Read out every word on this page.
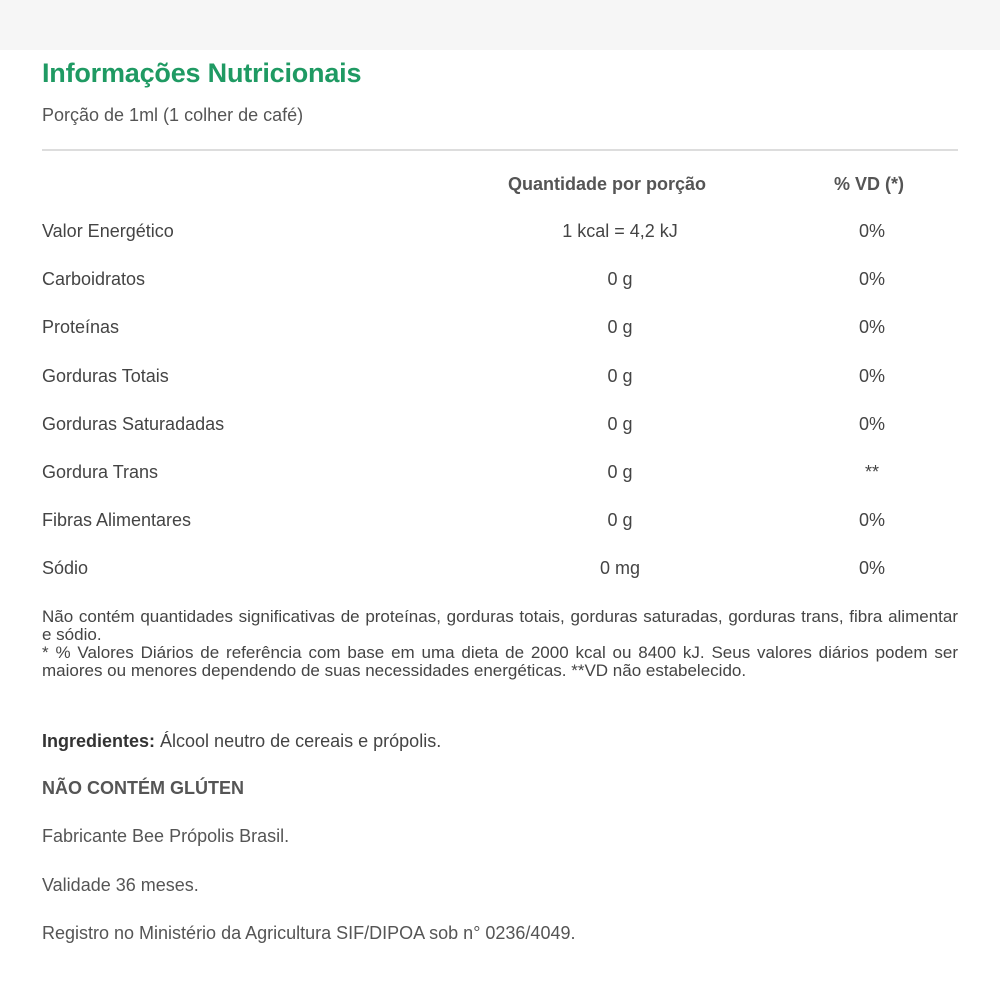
Informações Nutricionais
Porção de 1ml (1 colher de café)
Quantidade por porção	% VD (*)
Valor Energético	1 kcal = 4,2 kJ	0%
Carboidratos	0 g	0%
Proteínas	0 g	0%
Gorduras Totais	0 g	0%
Gorduras Saturadadas	0 g	0%
Gordura Trans	0 g	**
Fibras Alimentares	0 g	0%
Sódio	0 mg	0%

Não contém quantidades significativas de proteínas, gorduras totais, gorduras saturadas, gorduras trans, fibra alimentar e sódio.

* % Valores Diários de referência com base em uma dieta de 2000 kcal ou 8400 kJ. Seus valores diários podem ser maiores ou menores dependendo de suas necessidades energéticas. **VD não estabelecido.

Ingredientes: Álcool neutro de cereais e própolis.
NÃO CONTÉM GLÚTEN
Fabricante Bee Própolis Brasil.
Validade 36 meses.
Registro no Ministério da Agricultura SIF/DIPOA sob n° 0236/4049.
